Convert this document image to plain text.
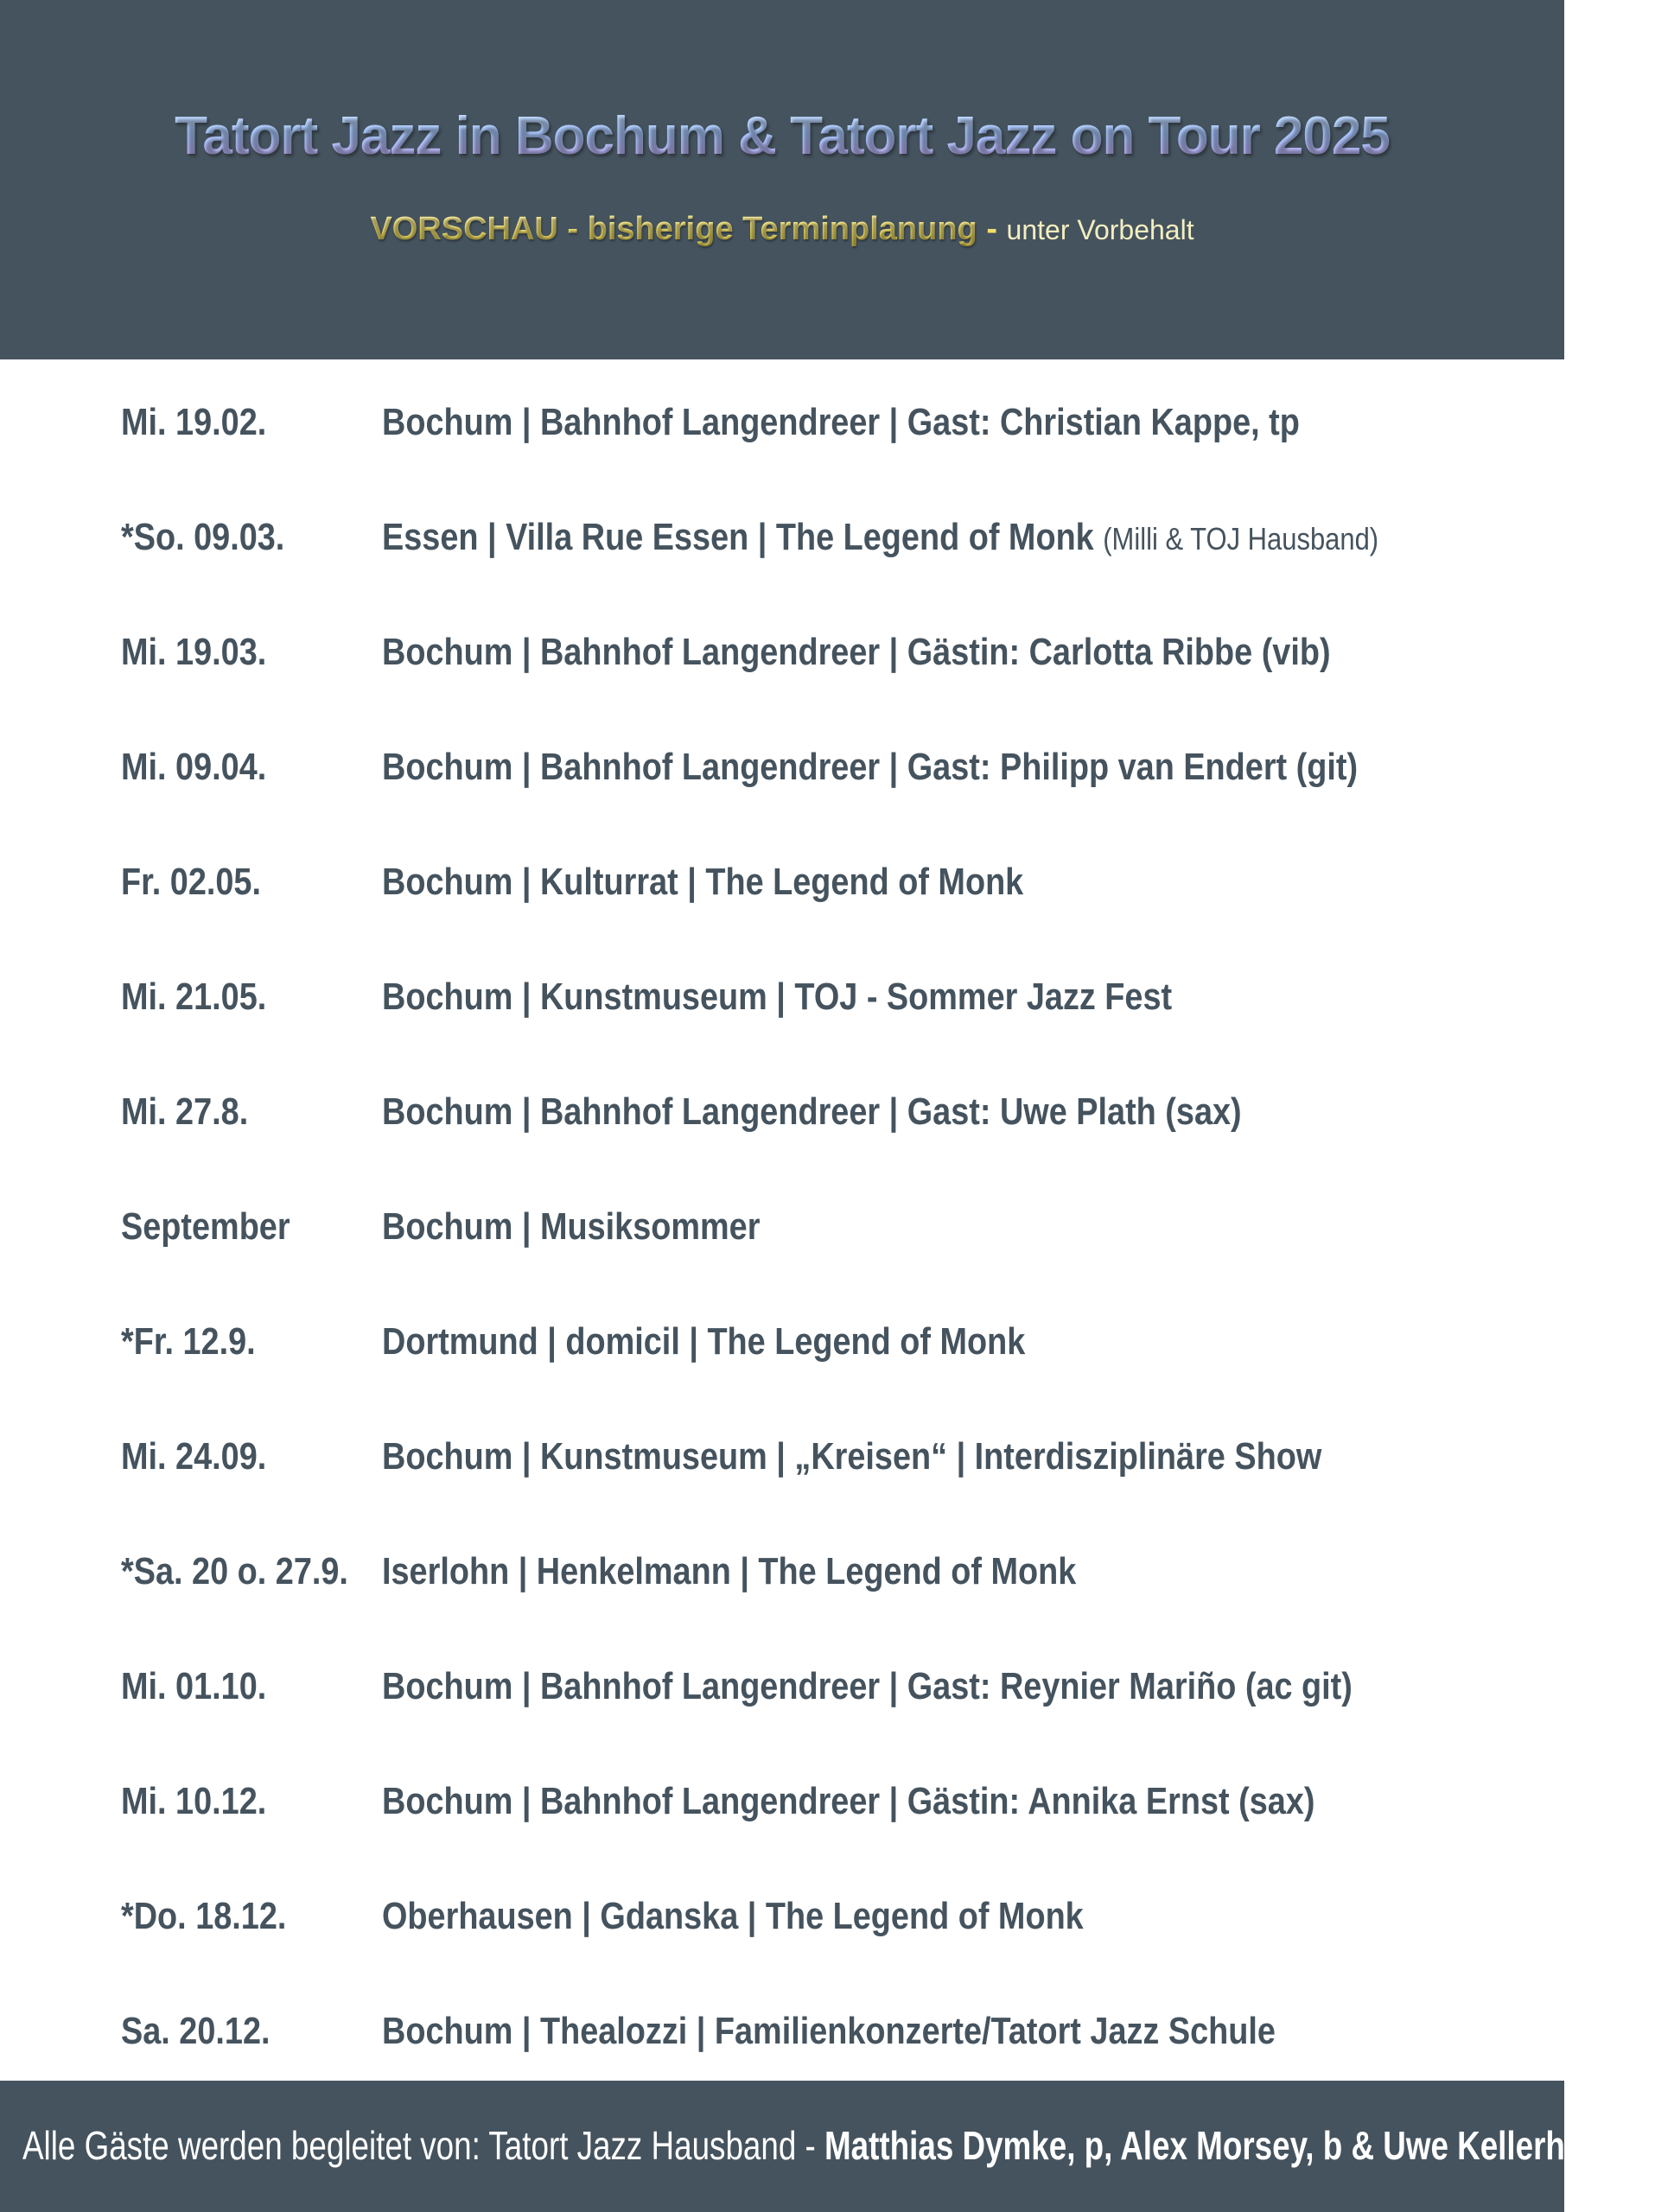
Tatort Jazz in Bochum & Tatort Jazz on Tour 2025
VORSCHAU - bisherige Terminplanung - unter Vorbehalt
Mi. 19.02.	Bochum | Bahnhof Langendreer | Gast: Christian Kappe, tp
*So. 09.03.	Essen | Villa Rue Essen | The Legend of Monk (Milli & TOJ Hausband)
Mi. 19.03.	Bochum | Bahnhof Langendreer | Gästin: Carlotta Ribbe (vib)
Mi. 09.04.	Bochum | Bahnhof Langendreer | Gast: Philipp van Endert (git)
Fr. 02.05.	Bochum | Kulturrat | The Legend of Monk
Mi. 21.05.	Bochum | Kunstmuseum | TOJ - Sommer Jazz Fest
Mi. 27.8.	Bochum | Bahnhof Langendreer | Gast: Uwe Plath (sax)
September Bochum | Musiksommer
*Fr. 12.9.	Dortmund | domicil | The Legend of Monk
Mi. 24.09.	Bochum | Kunstmuseum | „Kreisen“ | Interdisziplinäre Show
*Sa. 20 o. 27.9. Iserlohn | Henkelmann | The Legend of Monk
Mi. 01.10.	Bochum | Bahnhof Langendreer | Gast: Reynier Mariño (ac git)
Mi. 10.12.	Bochum | Bahnhof Langendreer | Gästin: Annika Ernst (sax)
*Do. 18.12.	Oberhausen | Gdanska | The Legend of Monk
Sa. 20.12.	Bochum | Thealozzi | Familienkonzerte/Tatort Jazz Schule
Alle Gäste werden begleitet von: Tatort Jazz Hausband - Matthias Dymke, p, Alex Morsey, b & Uwe Kellerhoff, dr
